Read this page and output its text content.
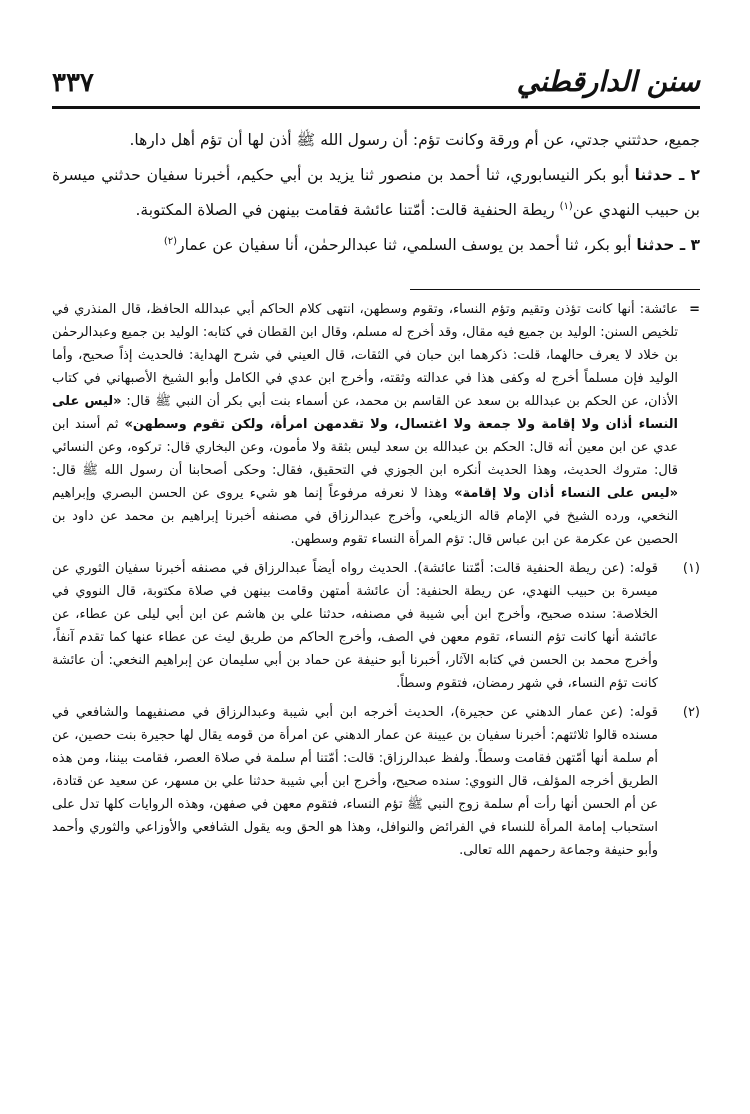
سنن الدارقطني
٣٣٧

جميع، حدثتني جدتي، عن أم ورقة وكانت تؤم: أن رسول الله ﷺ أذن لها أن تؤم أهل دارها.

٢ ـ حدثنا أبو بكر النيسابوري، ثنا أحمد بن منصور ثنا يزيد بن أبي حكيم، أخبرنا سفيان حدثني ميسرة بن حبيب النهدي عن$^{(١)}$ ريطة الحنفية قالت: أمّتنا عائشة فقامت بينهن في الصلاة المكتوبة.

٣ ـ حدثنا أبو بكر، ثنا أحمد بن يوسف السلمي، ثنا عبدالرحمٰن، أنا سفيان عن عمار$^{(٢)}$

=
عائشة: أنها كانت تؤذن وتقيم وتؤم النساء، وتقوم وسطهن، انتهى كلام الحاكم أبي عبدالله الحافظ، قال المنذري في تلخيص السنن: الوليد بن جميع فيه مقال، وقد أخرج له مسلم، وقال ابن القطان في كتابه: الوليد بن جميع وعبدالرحمٰن بن خلاد لا يعرف حالهما، قلت: ذكرهما ابن حبان في الثقات، قال العيني في شرح الهداية: فالحديث إذاً صحيح، وأما الوليد فإن مسلماً أخرج له وكفى هذا في عدالته وثقته، وأخرج ابن عدي في الكامل وأبو الشيخ الأصبهاني في كتاب الأذان، عن الحكم بن عبدالله بن سعد عن القاسم بن محمد، عن أسماء بنت أبي بكر أن النبي ﷺ قال: «ليس على النساء أذان ولا إقامة ولا جمعة ولا اغتسال، ولا تقدمهن امرأة، ولكن تقوم وسطهن» ثم أسند ابن عدي عن ابن معين أنه قال: الحكم بن عبدالله بن سعد ليس بثقة ولا مأمون، وعن البخاري قال: تركوه، وعن النسائي قال: متروك الحديث، وهذا الحديث أنكره ابن الجوزي في التحقيق، فقال: وحكى أصحابنا أن رسول الله ﷺ قال: «ليس على النساء أذان ولا إقامة» وهذا لا نعرفه مرفوعاً إنما هو شيء يروى عن الحسن البصري وإبراهيم النخعي، ورده الشيخ في الإمام قاله الزيلعي، وأخرج عبدالرزاق في مصنفه أخبرنا إبراهيم بن محمد عن داود بن الحصين عن عكرمة عن ابن عباس قال: تؤم المرأة النساء تقوم وسطهن.
(١)
قوله: (عن ريطة الحنفية قالت: أمّتنا عائشة). الحديث رواه أيضاً عبدالرزاق في مصنفه أخبرنا سفيان الثوري عن ميسرة بن حبيب النهدي، عن ريطة الحنفية: أن عائشة أمتهن وقامت بينهن في صلاة مكتوبة، قال النووي في الخلاصة: سنده صحيح، وأخرج ابن أبي شيبة في مصنفه، حدثنا علي بن هاشم عن ابن أبي ليلى عن عطاء، عن عائشة أنها كانت تؤم النساء، تقوم معهن في الصف، وأخرج الحاكم من طريق ليث عن عطاء عنها كما تقدم آنفاً، وأخرج محمد بن الحسن في كتابه الآثار، أخبرنا أبو حنيفة عن حماد بن أبي سليمان عن إبراهيم النخعي: أن عائشة كانت تؤم النساء، في شهر رمضان، فتقوم وسطاً.
(٢)
قوله: (عن عمار الدهني عن حجيرة)، الحديث أخرجه ابن أبي شيبة وعبدالرزاق في مصنفيهما والشافعي في مسنده قالوا ثلاثتهم: أخبرنا سفيان بن عيينة عن عمار الدهني عن امرأة من قومه يقال لها حجيرة بنت حصين، عن أم سلمة أنها أمّتهن فقامت وسطاً. ولفظ عبدالرزاق: قالت: أمّتنا أم سلمة في صلاة العصر، فقامت بيننا، ومن هذه الطريق أخرجه المؤلف، قال النووي: سنده صحيح، وأخرج ابن أبي شيبة حدثنا علي بن مسهر، عن سعيد عن قتادة، عن أم الحسن أنها رأت أم سلمة زوج النبي ﷺ تؤم النساء، فتقوم معهن في صفهن، وهذه الروايات كلها تدل على استحباب إمامة المرأة للنساء في الفرائض والنوافل، وهذا هو الحق وبه يقول الشافعي والأوزاعي والثوري وأحمد وأبو حنيفة وجماعة رحمهم الله تعالى.
